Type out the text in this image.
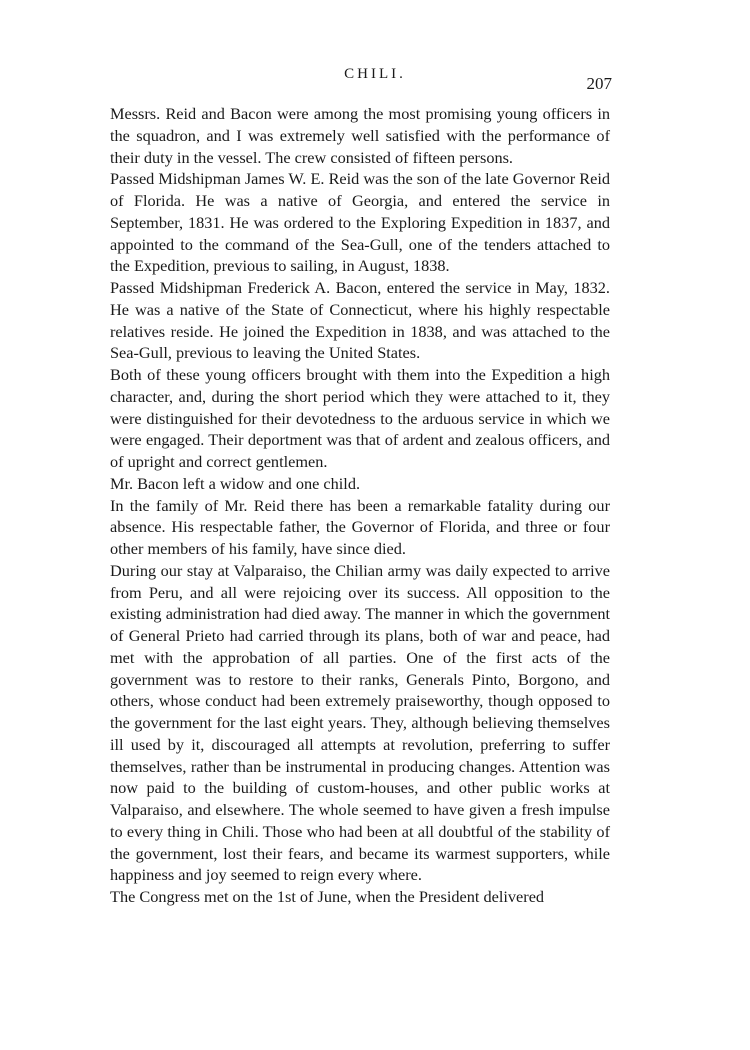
CHILI.	207

Messrs. Reid and Bacon were among the most promising young officers in the squadron, and I was extremely well satisfied with the performance of their duty in the vessel. The crew consisted of fifteen persons.

Passed Midshipman James W. E. Reid was the son of the late Governor Reid of Florida. He was a native of Georgia, and entered the service in September, 1831. He was ordered to the Exploring Expedition in 1837, and appointed to the command of the Sea-Gull, one of the tenders attached to the Expedition, previous to sailing, in August, 1838.

Passed Midshipman Frederick A. Bacon, entered the service in May, 1832. He was a native of the State of Connecticut, where his highly respectable relatives reside. He joined the Expedition in 1838, and was attached to the Sea-Gull, previous to leaving the United States.

Both of these young officers brought with them into the Expedition a high character, and, during the short period which they were attached to it, they were distinguished for their devotedness to the arduous service in which we were engaged. Their deportment was that of ardent and zealous officers, and of upright and correct gentlemen.

Mr. Bacon left a widow and one child.

In the family of Mr. Reid there has been a remarkable fatality during our absence. His respectable father, the Governor of Florida, and three or four other members of his family, have since died.

During our stay at Valparaiso, the Chilian army was daily expected to arrive from Peru, and all were rejoicing over its success. All opposition to the existing administration had died away. The manner in which the government of General Prieto had carried through its plans, both of war and peace, had met with the approbation of all parties. One of the first acts of the government was to restore to their ranks, Generals Pinto, Borgono, and others, whose conduct had been extremely praiseworthy, though opposed to the government for the last eight years. They, although believing themselves ill used by it, discouraged all attempts at revolution, preferring to suffer themselves, rather than be instrumental in producing changes. Attention was now paid to the building of custom-houses, and other public works at Valparaiso, and elsewhere. The whole seemed to have given a fresh impulse to every thing in Chili. Those who had been at all doubtful of the stability of the government, lost their fears, and became its warmest supporters, while happiness and joy seemed to reign every where.

The Congress met on the 1st of June, when the President delivered
